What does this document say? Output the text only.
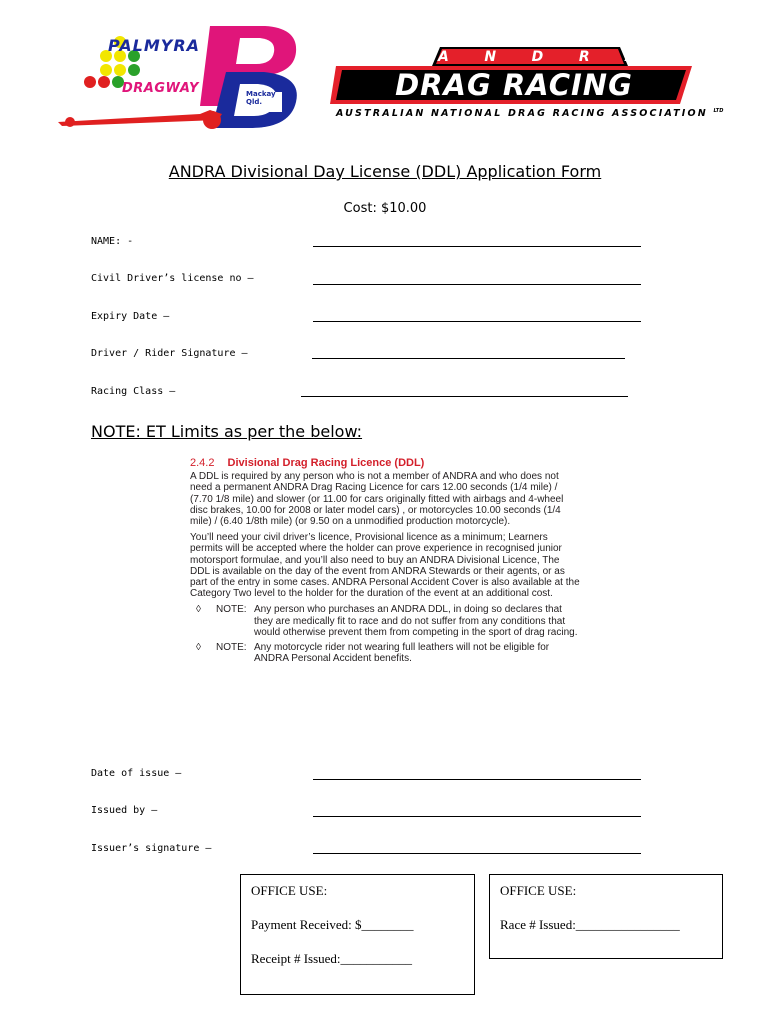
PALMYRA
DRAGWAY	Mackay Qld.
A N D R A
DRAG RACING
AUSTRALIAN NATIONAL DRAG RACING ASSOCIATION $^{LTD}$
ANDRA Divisional Day License (DDL) Application Form
Cost: $10.00
NAME: -
Civil Driver’s license no –
Expiry Date –
Driver / Rider Signature –
Racing Class –
NOTE: ET Limits as per the below:
2.4.2 Divisional Drag Racing Licence (DDL)

A DDL is required by any person who is not a member of ANDRA and who does not need a permanent ANDRA Drag Racing Licence for cars 12.00 seconds (1/4 mile) / (7.70 1/8 mile) and slower (or 11.00 for cars originally fitted with airbags and 4-wheel disc brakes, 10.00 for 2008 or later model cars) , or motorcycles 10.00 seconds (1/4 mile) / (6.40 1/8th mile) (or 9.50 on a unmodified production motorcycle).

You’ll need your civil driver’s licence, Provisional licence as a minimum; Learners permits will be accepted where the holder can prove experience in recognised junior motorsport formulae, and you’ll also need to buy an ANDRA Divisional Licence, The DDL is available on the day of the event from ANDRA Stewards or their agents, or as part of the entry in some cases. ANDRA Personal Accident Cover is also available at the Category Two level to the holder for the duration of the event at an additional cost.

◊	NOTE: Any person who purchases an ANDRA DDL, in doing so declares that they are medically fit to race and do not suffer from any conditions that would otherwise prevent them from competing in the sport of drag racing.
◊	NOTE: Any motorcycle rider not wearing full leathers will not be eligible for ANDRA Personal Accident benefits.
Date of issue –
Issued by –
Issuer’s signature –
OFFICE USE:
Payment Received: $________
Receipt # Issued:___________
OFFICE USE:
Race # Issued:________________
